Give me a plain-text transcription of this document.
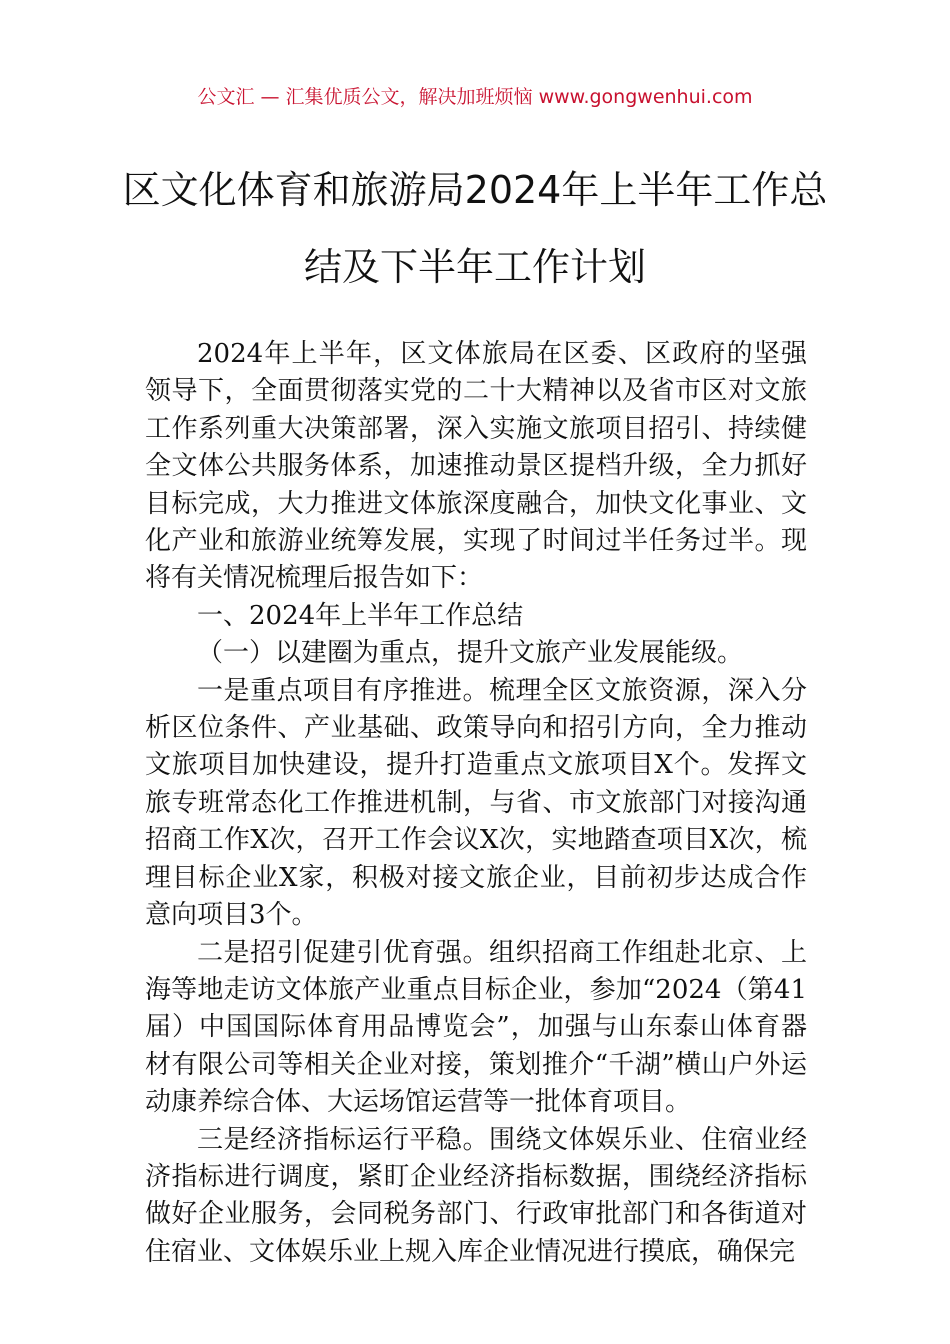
公文汇 — 汇集优质公文，解决加班烦恼 www.gongwenhui.com
区文化体育和旅游局2024年上半年工作总
结及下半年工作计划

2024年上半年，区文体旅局在区委、区政府的坚强领导下，全面贯彻落实党的二十大精神以及省市区对文旅工作系列重大决策部署，深入实施文旅项目招引、持续健全文体公共服务体系，加速推动景区提档升级，全力抓好目标完成，大力推进文体旅深度融合，加快文化事业、文化产业和旅游业统筹发展，实现了时间过半任务过半。现将有关情况梳理后报告如下：

一、2024年上半年工作总结

（一）以建圈为重点，提升文旅产业发展能级。

一是重点项目有序推进。梳理全区文旅资源，深入分析区位条件、产业基础、政策导向和招引方向，全力推动文旅项目加快建设，提升打造重点文旅项目X个。发挥文旅专班常态化工作推进机制，与省、市文旅部门对接沟通招商工作X次，召开工作会议X次，实地踏查项目X次，梳理目标企业X家，积极对接文旅企业，目前初步达成合作意向项目3个。

二是招引促建引优育强。组织招商工作组赴北京、上海等地走访文体旅产业重点目标企业，参加“2024（第41届）中国国际体育用品博览会”，加强与山东泰山体育器材有限公司等相关企业对接，策划推介“千湖”横山户外运动康养综合体、大运场馆运营等一批体育项目。

三是经济指标运行平稳。围绕文体娱乐业、住宿业经济指标进行调度，紧盯企业经济指标数据，围绕经济指标做好企业服务，会同税务部门、行政审批部门和各街道对住宿业、文体娱乐业上规入库企业情况进行摸底，确保完
